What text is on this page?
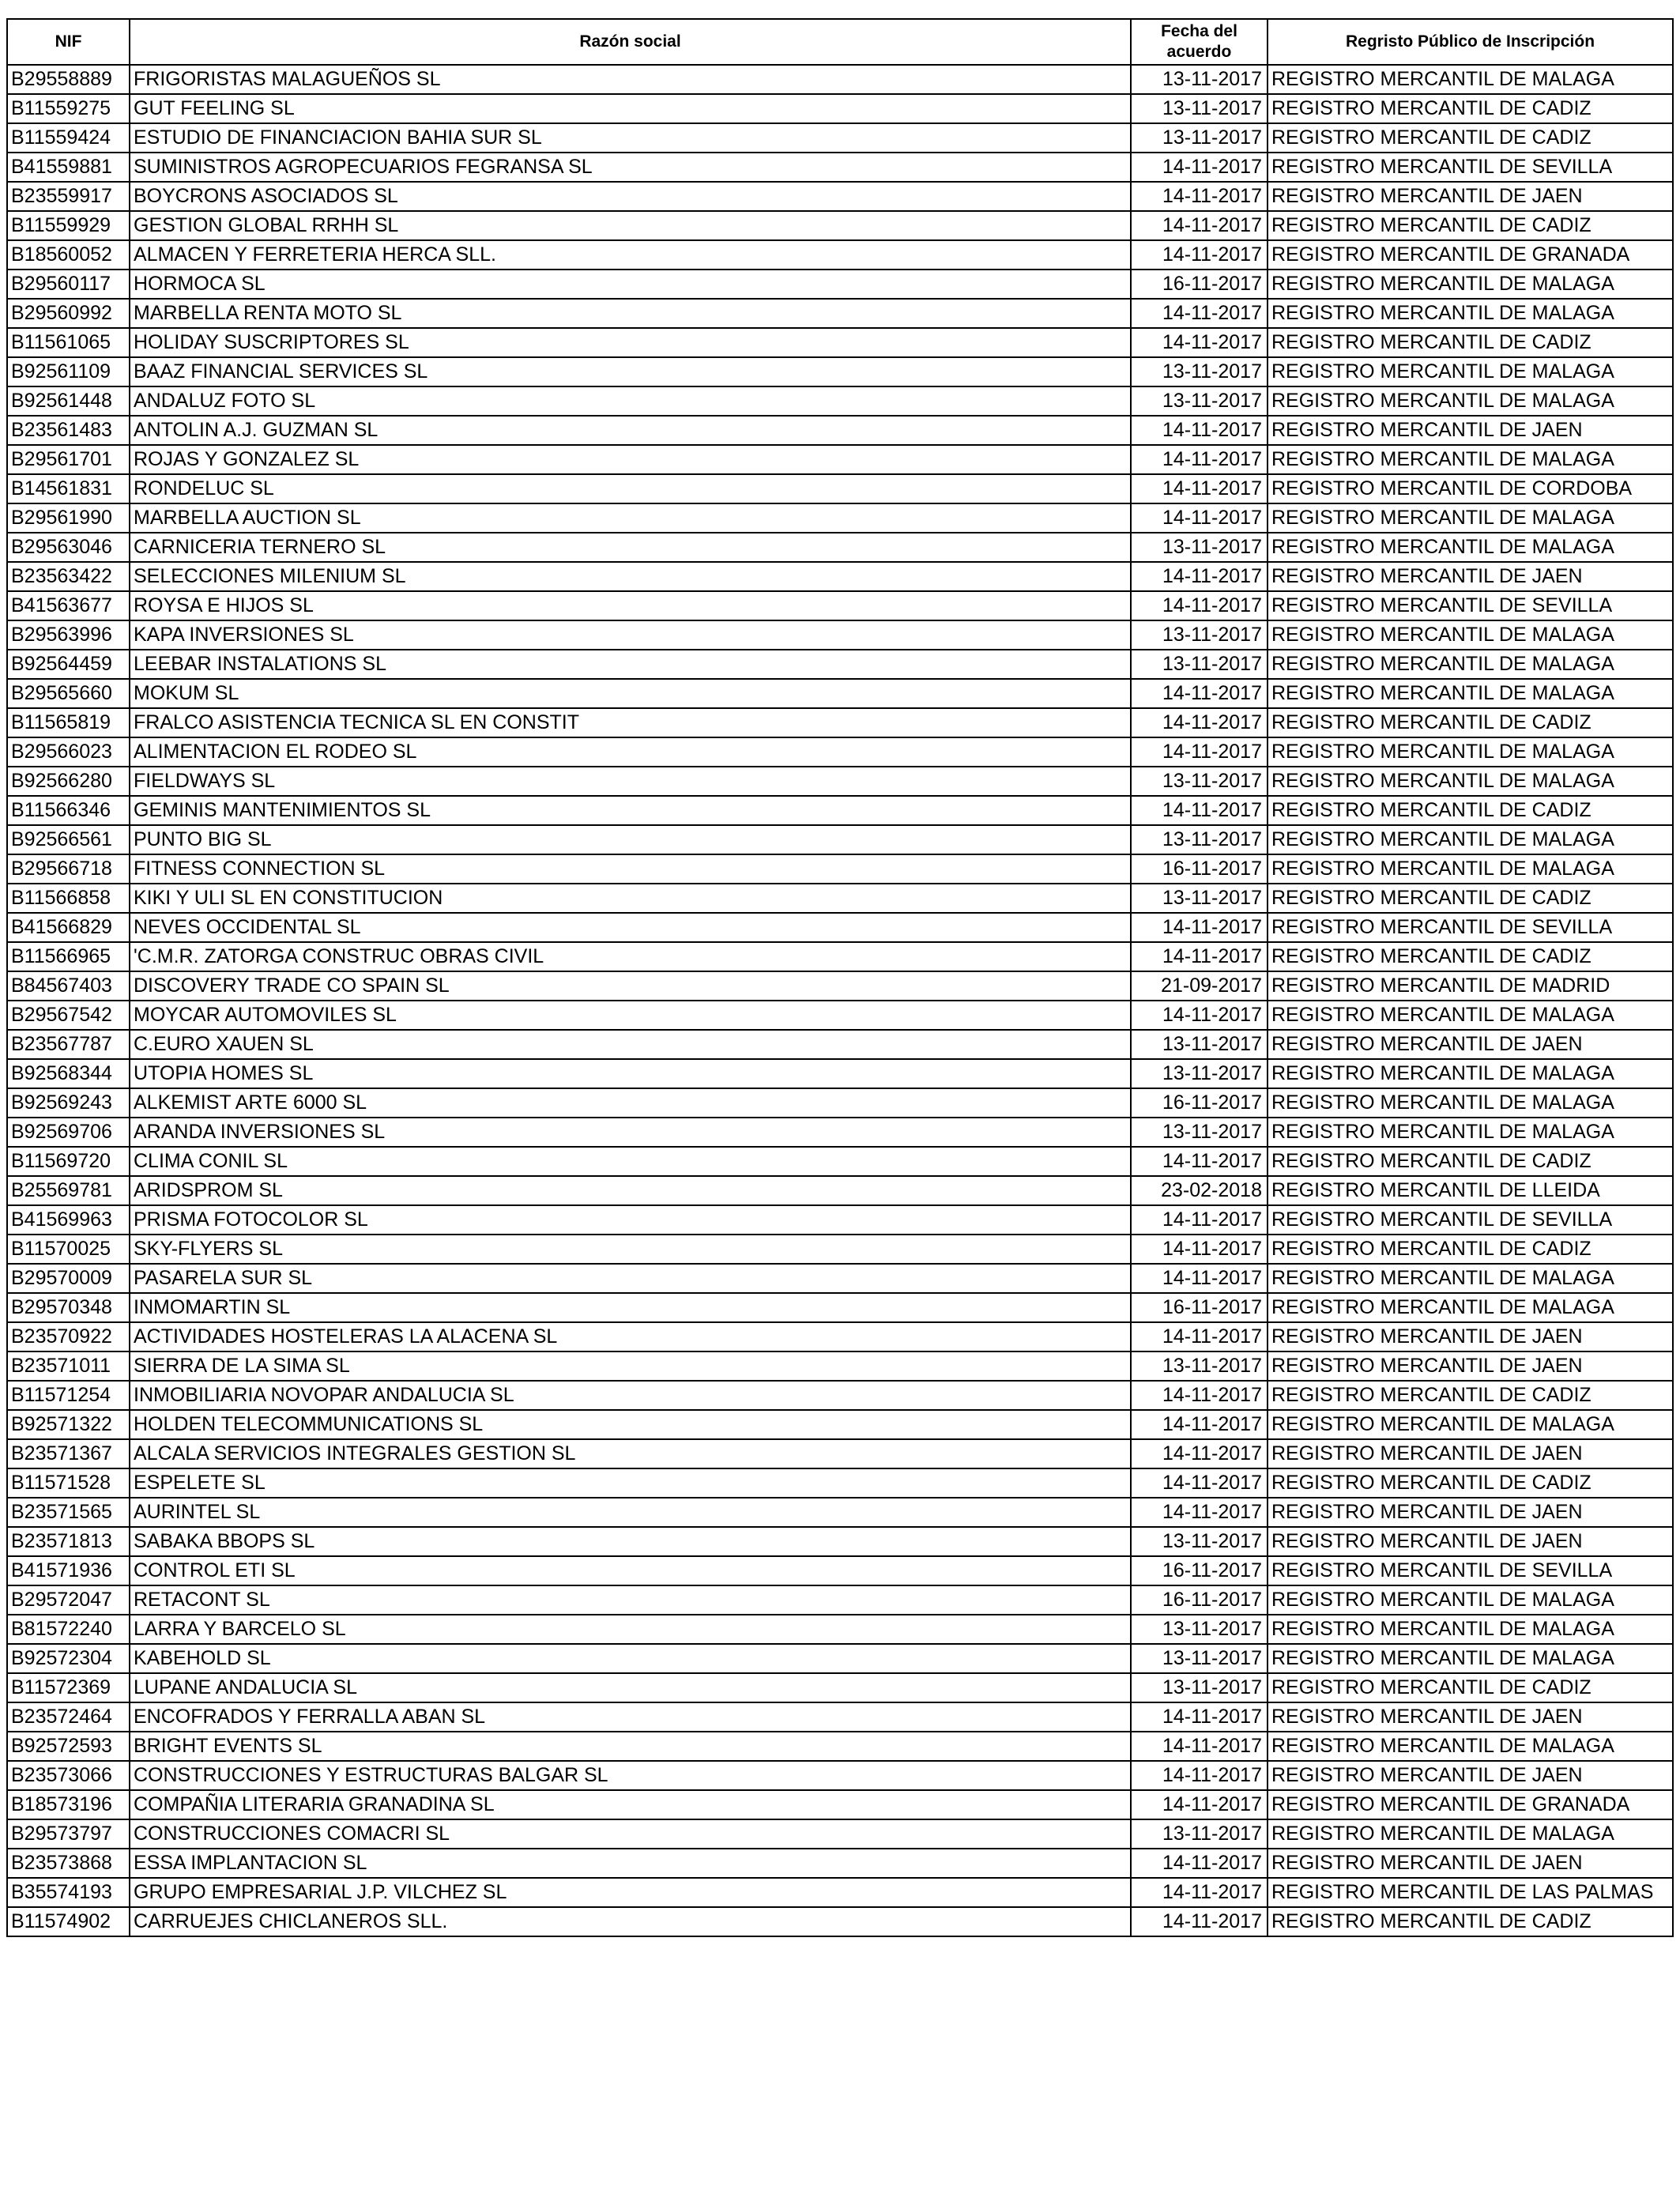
NIF	Razón social	Fecha del acuerdo	Regristo Público de Inscripción
B29558889	FRIGORISTAS MALAGUEÑOS SL	13-11-2017	REGISTRO MERCANTIL DE MALAGA
B11559275	GUT FEELING SL	13-11-2017	REGISTRO MERCANTIL DE CADIZ
B11559424	ESTUDIO DE FINANCIACION BAHIA SUR SL	13-11-2017	REGISTRO MERCANTIL DE CADIZ
B41559881	SUMINISTROS AGROPECUARIOS FEGRANSA SL	14-11-2017	REGISTRO MERCANTIL DE SEVILLA
B23559917	BOYCRONS ASOCIADOS SL	14-11-2017	REGISTRO MERCANTIL DE JAEN
B11559929	GESTION GLOBAL RRHH SL	14-11-2017	REGISTRO MERCANTIL DE CADIZ
B18560052	ALMACEN Y FERRETERIA HERCA SLL.	14-11-2017	REGISTRO MERCANTIL DE GRANADA
B29560117	HORMOCA SL	16-11-2017	REGISTRO MERCANTIL DE MALAGA
B29560992	MARBELLA RENTA MOTO SL	14-11-2017	REGISTRO MERCANTIL DE MALAGA
B11561065	HOLIDAY SUSCRIPTORES SL	14-11-2017	REGISTRO MERCANTIL DE CADIZ
B92561109	BAAZ FINANCIAL SERVICES SL	13-11-2017	REGISTRO MERCANTIL DE MALAGA
B92561448	ANDALUZ FOTO SL	13-11-2017	REGISTRO MERCANTIL DE MALAGA
B23561483	ANTOLIN A.J. GUZMAN SL	14-11-2017	REGISTRO MERCANTIL DE JAEN
B29561701	ROJAS Y GONZALEZ SL	14-11-2017	REGISTRO MERCANTIL DE MALAGA
B14561831	RONDELUC SL	14-11-2017	REGISTRO MERCANTIL DE CORDOBA
B29561990	MARBELLA AUCTION SL	14-11-2017	REGISTRO MERCANTIL DE MALAGA
B29563046	CARNICERIA TERNERO SL	13-11-2017	REGISTRO MERCANTIL DE MALAGA
B23563422	SELECCIONES MILENIUM SL	14-11-2017	REGISTRO MERCANTIL DE JAEN
B41563677	ROYSA E HIJOS SL	14-11-2017	REGISTRO MERCANTIL DE SEVILLA
B29563996	KAPA INVERSIONES SL	13-11-2017	REGISTRO MERCANTIL DE MALAGA
B92564459	LEEBAR INSTALATIONS SL	13-11-2017	REGISTRO MERCANTIL DE MALAGA
B29565660	MOKUM SL	14-11-2017	REGISTRO MERCANTIL DE MALAGA
B11565819	FRALCO ASISTENCIA TECNICA SL EN CONSTIT	14-11-2017	REGISTRO MERCANTIL DE CADIZ
B29566023	ALIMENTACION EL RODEO SL	14-11-2017	REGISTRO MERCANTIL DE MALAGA
B92566280	FIELDWAYS SL	13-11-2017	REGISTRO MERCANTIL DE MALAGA
B11566346	GEMINIS MANTENIMIENTOS SL	14-11-2017	REGISTRO MERCANTIL DE CADIZ
B92566561	PUNTO BIG SL	13-11-2017	REGISTRO MERCANTIL DE MALAGA
B29566718	FITNESS CONNECTION SL	16-11-2017	REGISTRO MERCANTIL DE MALAGA
B11566858	KIKI Y ULI SL EN CONSTITUCION	13-11-2017	REGISTRO MERCANTIL DE CADIZ
B41566829	NEVES OCCIDENTAL SL	14-11-2017	REGISTRO MERCANTIL DE SEVILLA
B11566965	'C.M.R. ZATORGA CONSTRUC OBRAS CIVIL	14-11-2017	REGISTRO MERCANTIL DE CADIZ
B84567403	DISCOVERY TRADE CO SPAIN SL	21-09-2017	REGISTRO MERCANTIL DE MADRID
B29567542	MOYCAR AUTOMOVILES SL	14-11-2017	REGISTRO MERCANTIL DE MALAGA
B23567787	C.EURO XAUEN SL	13-11-2017	REGISTRO MERCANTIL DE JAEN
B92568344	UTOPIA HOMES SL	13-11-2017	REGISTRO MERCANTIL DE MALAGA
B92569243	ALKEMIST ARTE 6000 SL	16-11-2017	REGISTRO MERCANTIL DE MALAGA
B92569706	ARANDA INVERSIONES SL	13-11-2017	REGISTRO MERCANTIL DE MALAGA
B11569720	CLIMA CONIL SL	14-11-2017	REGISTRO MERCANTIL DE CADIZ
B25569781	ARIDSPROM SL	23-02-2018	REGISTRO MERCANTIL DE LLEIDA
B41569963	PRISMA FOTOCOLOR SL	14-11-2017	REGISTRO MERCANTIL DE SEVILLA
B11570025	SKY-FLYERS SL	14-11-2017	REGISTRO MERCANTIL DE CADIZ
B29570009	PASARELA SUR SL	14-11-2017	REGISTRO MERCANTIL DE MALAGA
B29570348	INMOMARTIN SL	16-11-2017	REGISTRO MERCANTIL DE MALAGA
B23570922	ACTIVIDADES HOSTELERAS LA ALACENA SL	14-11-2017	REGISTRO MERCANTIL DE JAEN
B23571011	SIERRA DE LA SIMA SL	13-11-2017	REGISTRO MERCANTIL DE JAEN
B11571254	INMOBILIARIA NOVOPAR ANDALUCIA SL	14-11-2017	REGISTRO MERCANTIL DE CADIZ
B92571322	HOLDEN TELECOMMUNICATIONS SL	14-11-2017	REGISTRO MERCANTIL DE MALAGA
B23571367	ALCALA SERVICIOS INTEGRALES GESTION SL	14-11-2017	REGISTRO MERCANTIL DE JAEN
B11571528	ESPELETE SL	14-11-2017	REGISTRO MERCANTIL DE CADIZ
B23571565	AURINTEL SL	14-11-2017	REGISTRO MERCANTIL DE JAEN
B23571813	SABAKA BBOPS SL	13-11-2017	REGISTRO MERCANTIL DE JAEN
B41571936	CONTROL ETI SL	16-11-2017	REGISTRO MERCANTIL DE SEVILLA
B29572047	RETACONT SL	16-11-2017	REGISTRO MERCANTIL DE MALAGA
B81572240	LARRA Y BARCELO SL	13-11-2017	REGISTRO MERCANTIL DE MALAGA
B92572304	KABEHOLD SL	13-11-2017	REGISTRO MERCANTIL DE MALAGA
B11572369	LUPANE ANDALUCIA SL	13-11-2017	REGISTRO MERCANTIL DE CADIZ
B23572464	ENCOFRADOS Y FERRALLA ABAN SL	14-11-2017	REGISTRO MERCANTIL DE JAEN
B92572593	BRIGHT EVENTS SL	14-11-2017	REGISTRO MERCANTIL DE MALAGA
B23573066	CONSTRUCCIONES Y ESTRUCTURAS BALGAR SL	14-11-2017	REGISTRO MERCANTIL DE JAEN
B18573196	COMPAÑIA LITERARIA GRANADINA SL	14-11-2017	REGISTRO MERCANTIL DE GRANADA
B29573797	CONSTRUCCIONES COMACRI SL	13-11-2017	REGISTRO MERCANTIL DE MALAGA
B23573868	ESSA IMPLANTACION SL	14-11-2017	REGISTRO MERCANTIL DE JAEN
B35574193	GRUPO EMPRESARIAL J.P. VILCHEZ SL	14-11-2017	REGISTRO MERCANTIL DE LAS PALMAS
B11574902	CARRUEJES CHICLANEROS SLL.	14-11-2017	REGISTRO MERCANTIL DE CADIZ
